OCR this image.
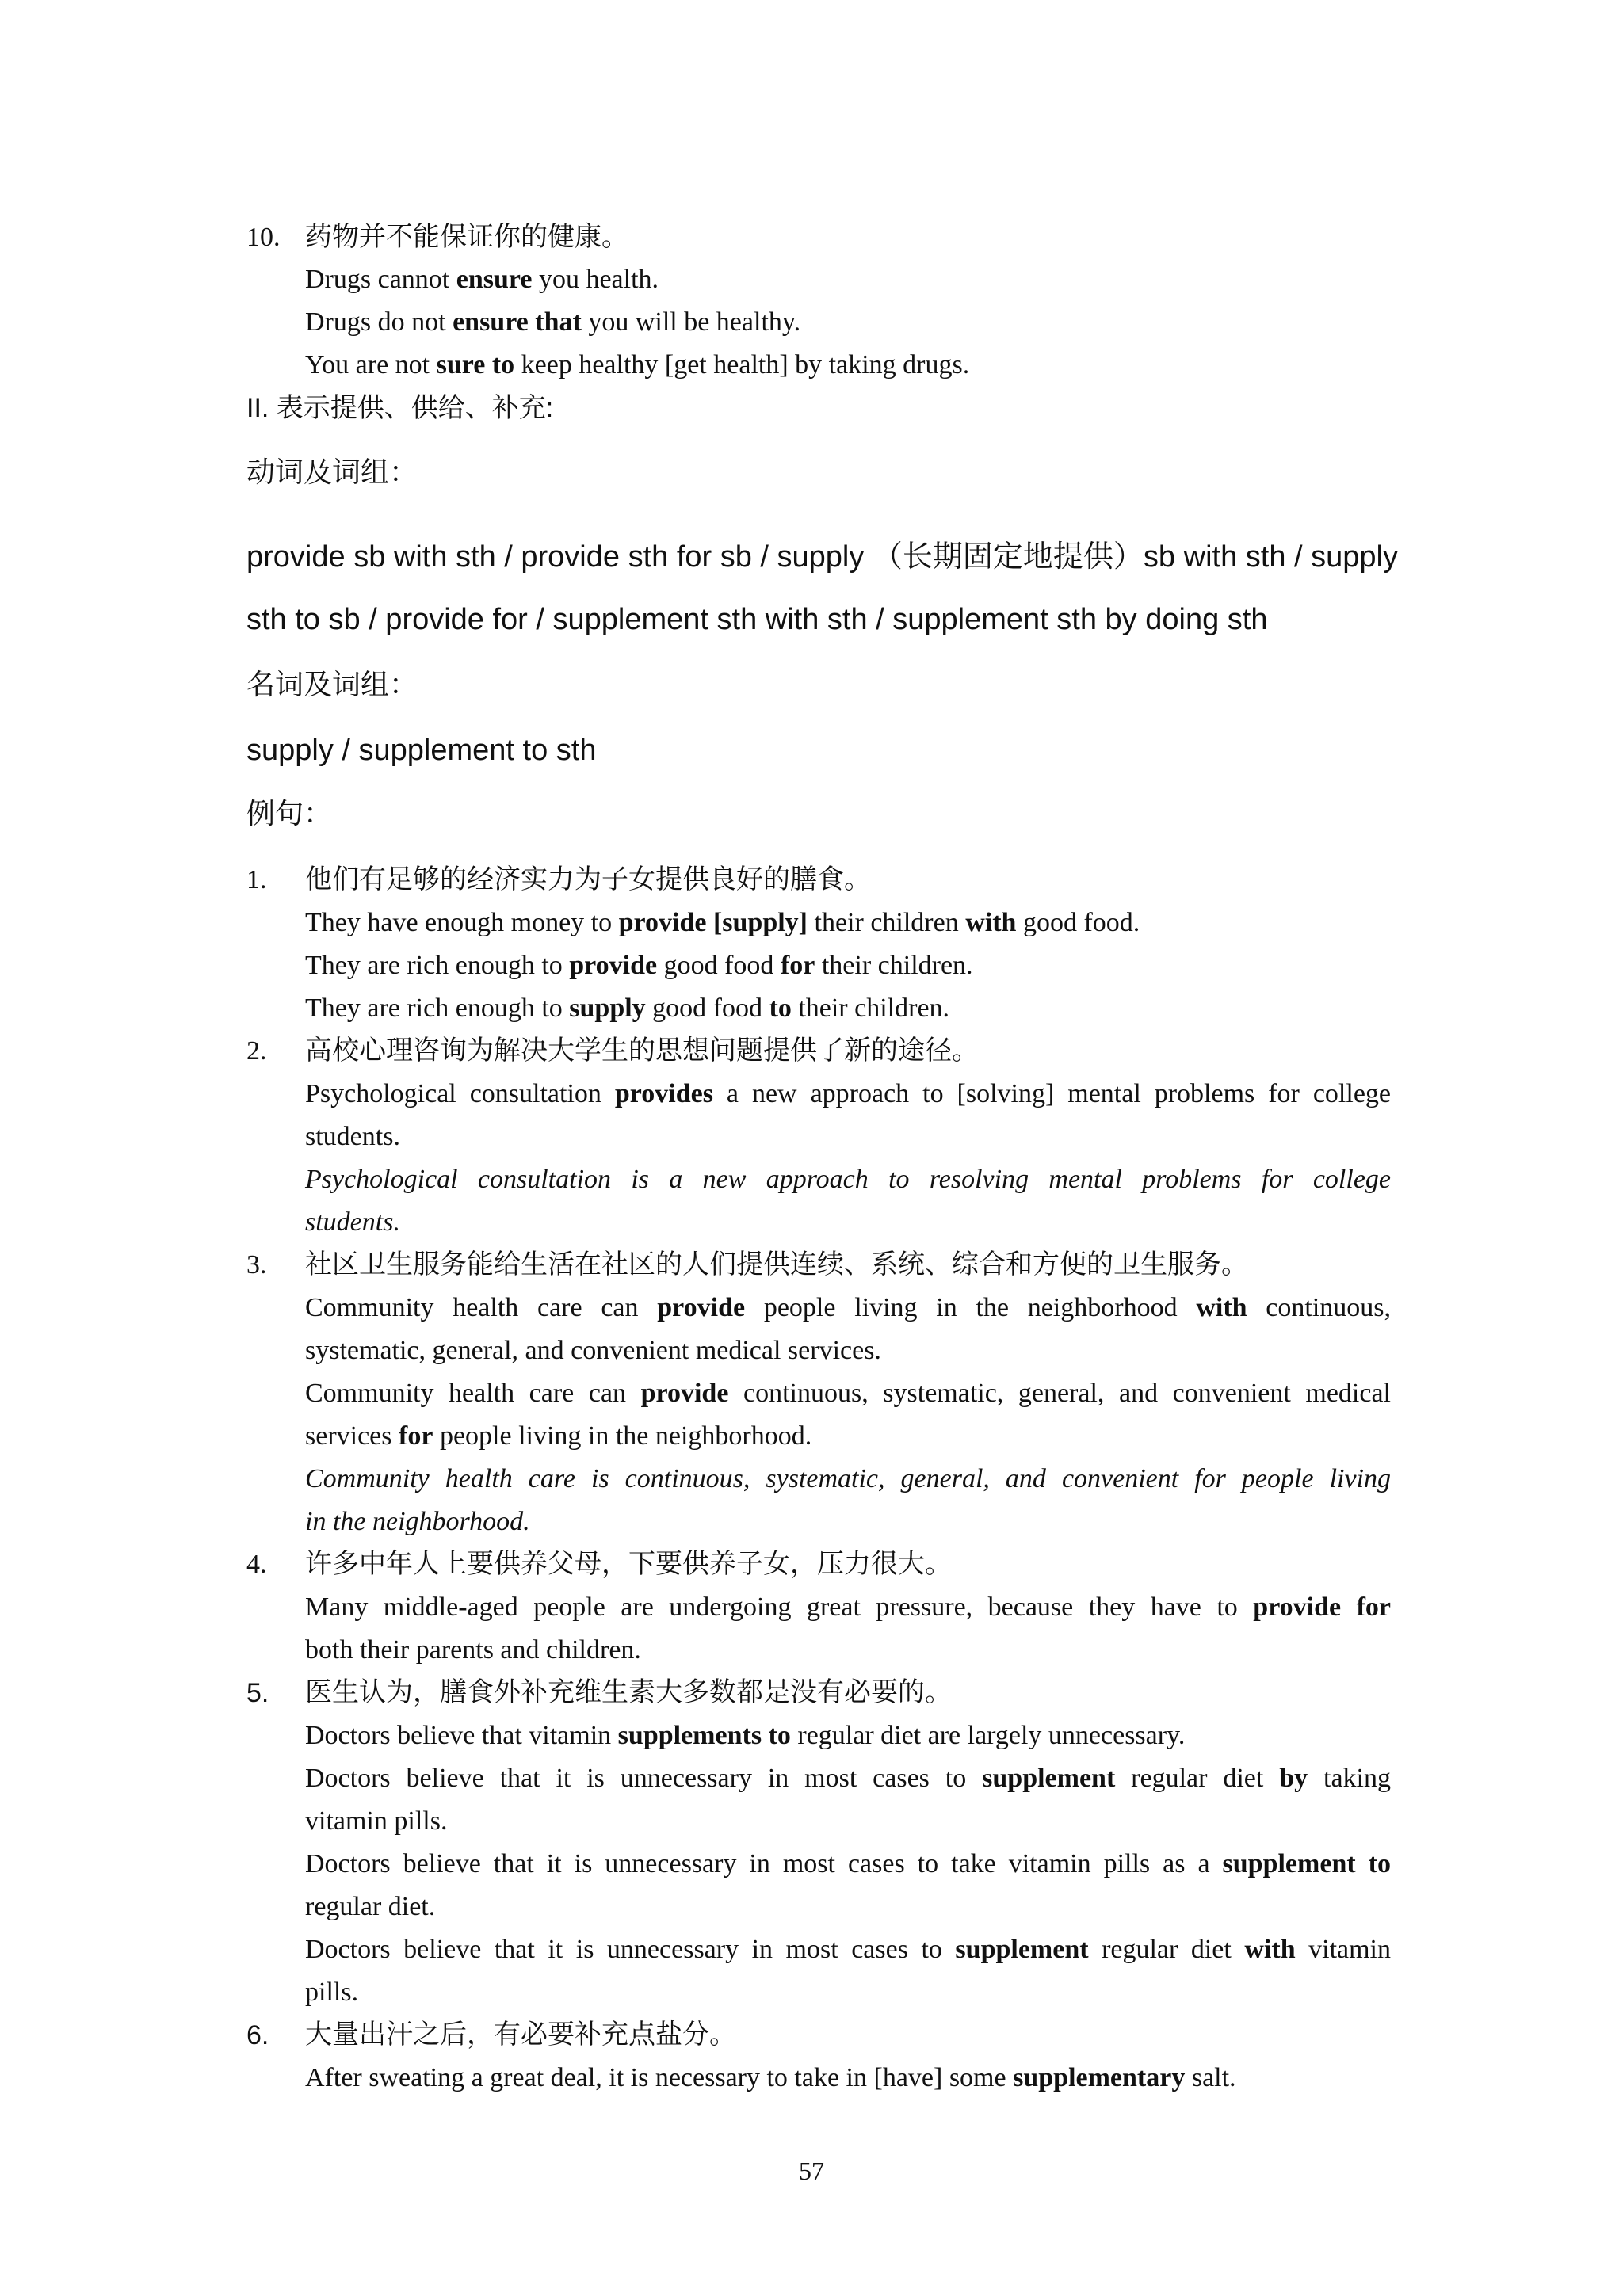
10. 药物并不能保证你的健康。
Drugs cannot ensure you health.
Drugs do not ensure that you will be healthy.
You are not sure to keep healthy [get health] by taking drugs.
II. 表示提供、供给、补充:
动词及词组：
provide sb with sth / provide sth for sb / supply （长期固定地提供）sb with sth / supply
sth to sb / provide for / supplement sth with sth / supplement sth by doing sth
名词及词组：
supply / supplement to sth
例句：
1. 他们有足够的经济实力为子女提供良好的膳食。
They have enough money to provide [supply] their children with good food.
They are rich enough to provide good food for their children.
They are rich enough to supply good food to their children.
2. 高校心理咨询为解决大学生的思想问题提供了新的途径。
Psychological consultation provides a new approach to [solving] mental problems for college
students.
Psychological consultation is a new approach to resolving mental problems for college
students.
3. 社区卫生服务能给生活在社区的人们提供连续、系统、综合和方便的卫生服务。
Community health care can provide people living in the neighborhood with continuous,
systematic, general, and convenient medical services.
Community health care can provide continuous, systematic, general, and convenient medical
services for people living in the neighborhood.
Community health care is continuous, systematic, general, and convenient for people living
in the neighborhood.
4. 许多中年人上要供养父母，下要供养子女，压力很大。
Many middle-aged people are undergoing great pressure, because they have to provide for
both their parents and children.
5. 医生认为，膳食外补充维生素大多数都是没有必要的。
Doctors believe that vitamin supplements to regular diet are largely unnecessary.
Doctors believe that it is unnecessary in most cases to supplement regular diet by taking
vitamin pills.
Doctors believe that it is unnecessary in most cases to take vitamin pills as a supplement to
regular diet.
Doctors believe that it is unnecessary in most cases to supplement regular diet with vitamin
pills.
6. 大量出汗之后，有必要补充点盐分。
After sweating a great deal, it is necessary to take in [have] some supplementary salt.
57
